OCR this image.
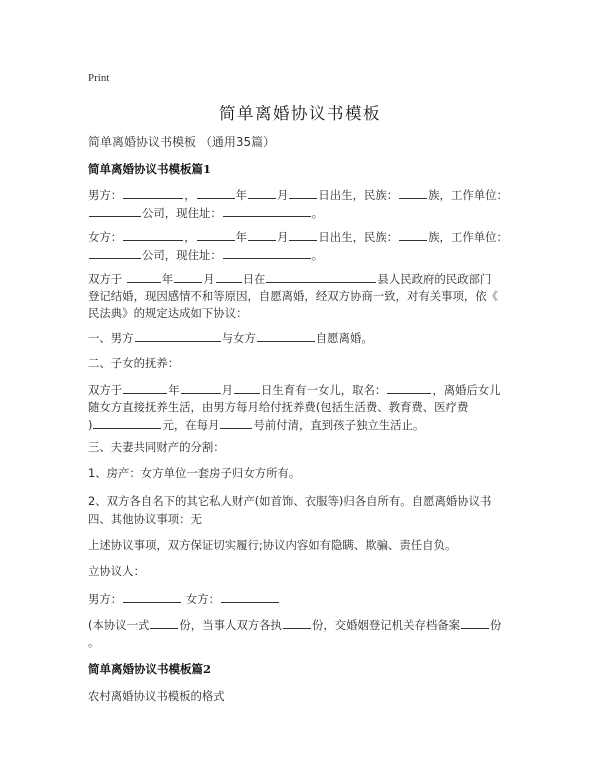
Print
简单离婚协议书模板
简单离婚协议书模板 （通用35篇）
简单离婚协议书模板篇1
男方：	，	年	月	日出生，民族：	族，工作单位：
公司，现住址：	。
女方：	，	年	月	日出生，民族：	族，工作单位：
公司，现住址：	。
双方于	年	月 日在	县人民政府的民政部门
登记结婚，现因感情不和等原因，自愿离婚，经双方协商一致，对有关事项，依《
民法典》的规定达成如下协议：
一、男方	与女方	自愿离婚。
二、子女的抚养：
双方于	年	月 日生育有一女儿，取名：	，离婚后女儿
随女方直接抚养生活，由男方每月给付抚养费(包括生活费、教育费、医疗费
)	元，在每月	号前付清，直到孩子独立生活止。
三、夫妻共同财产的分割：
1、房产：女方单位一套房子归女方所有。
2、双方各自名下的其它私人财产(如首饰、衣服等)归各自所有。自愿离婚协议书
四、其他协议事项：无
上述协议事项，双方保证切实履行;协议内容如有隐瞒、欺骗、责任自负。
立协议人：
男方：	女方：
(本协议一式	份，当事人双方各执	份，交婚姻登记机关存档备案	份
。
简单离婚协议书模板篇2
农村离婚协议书模板的格式
